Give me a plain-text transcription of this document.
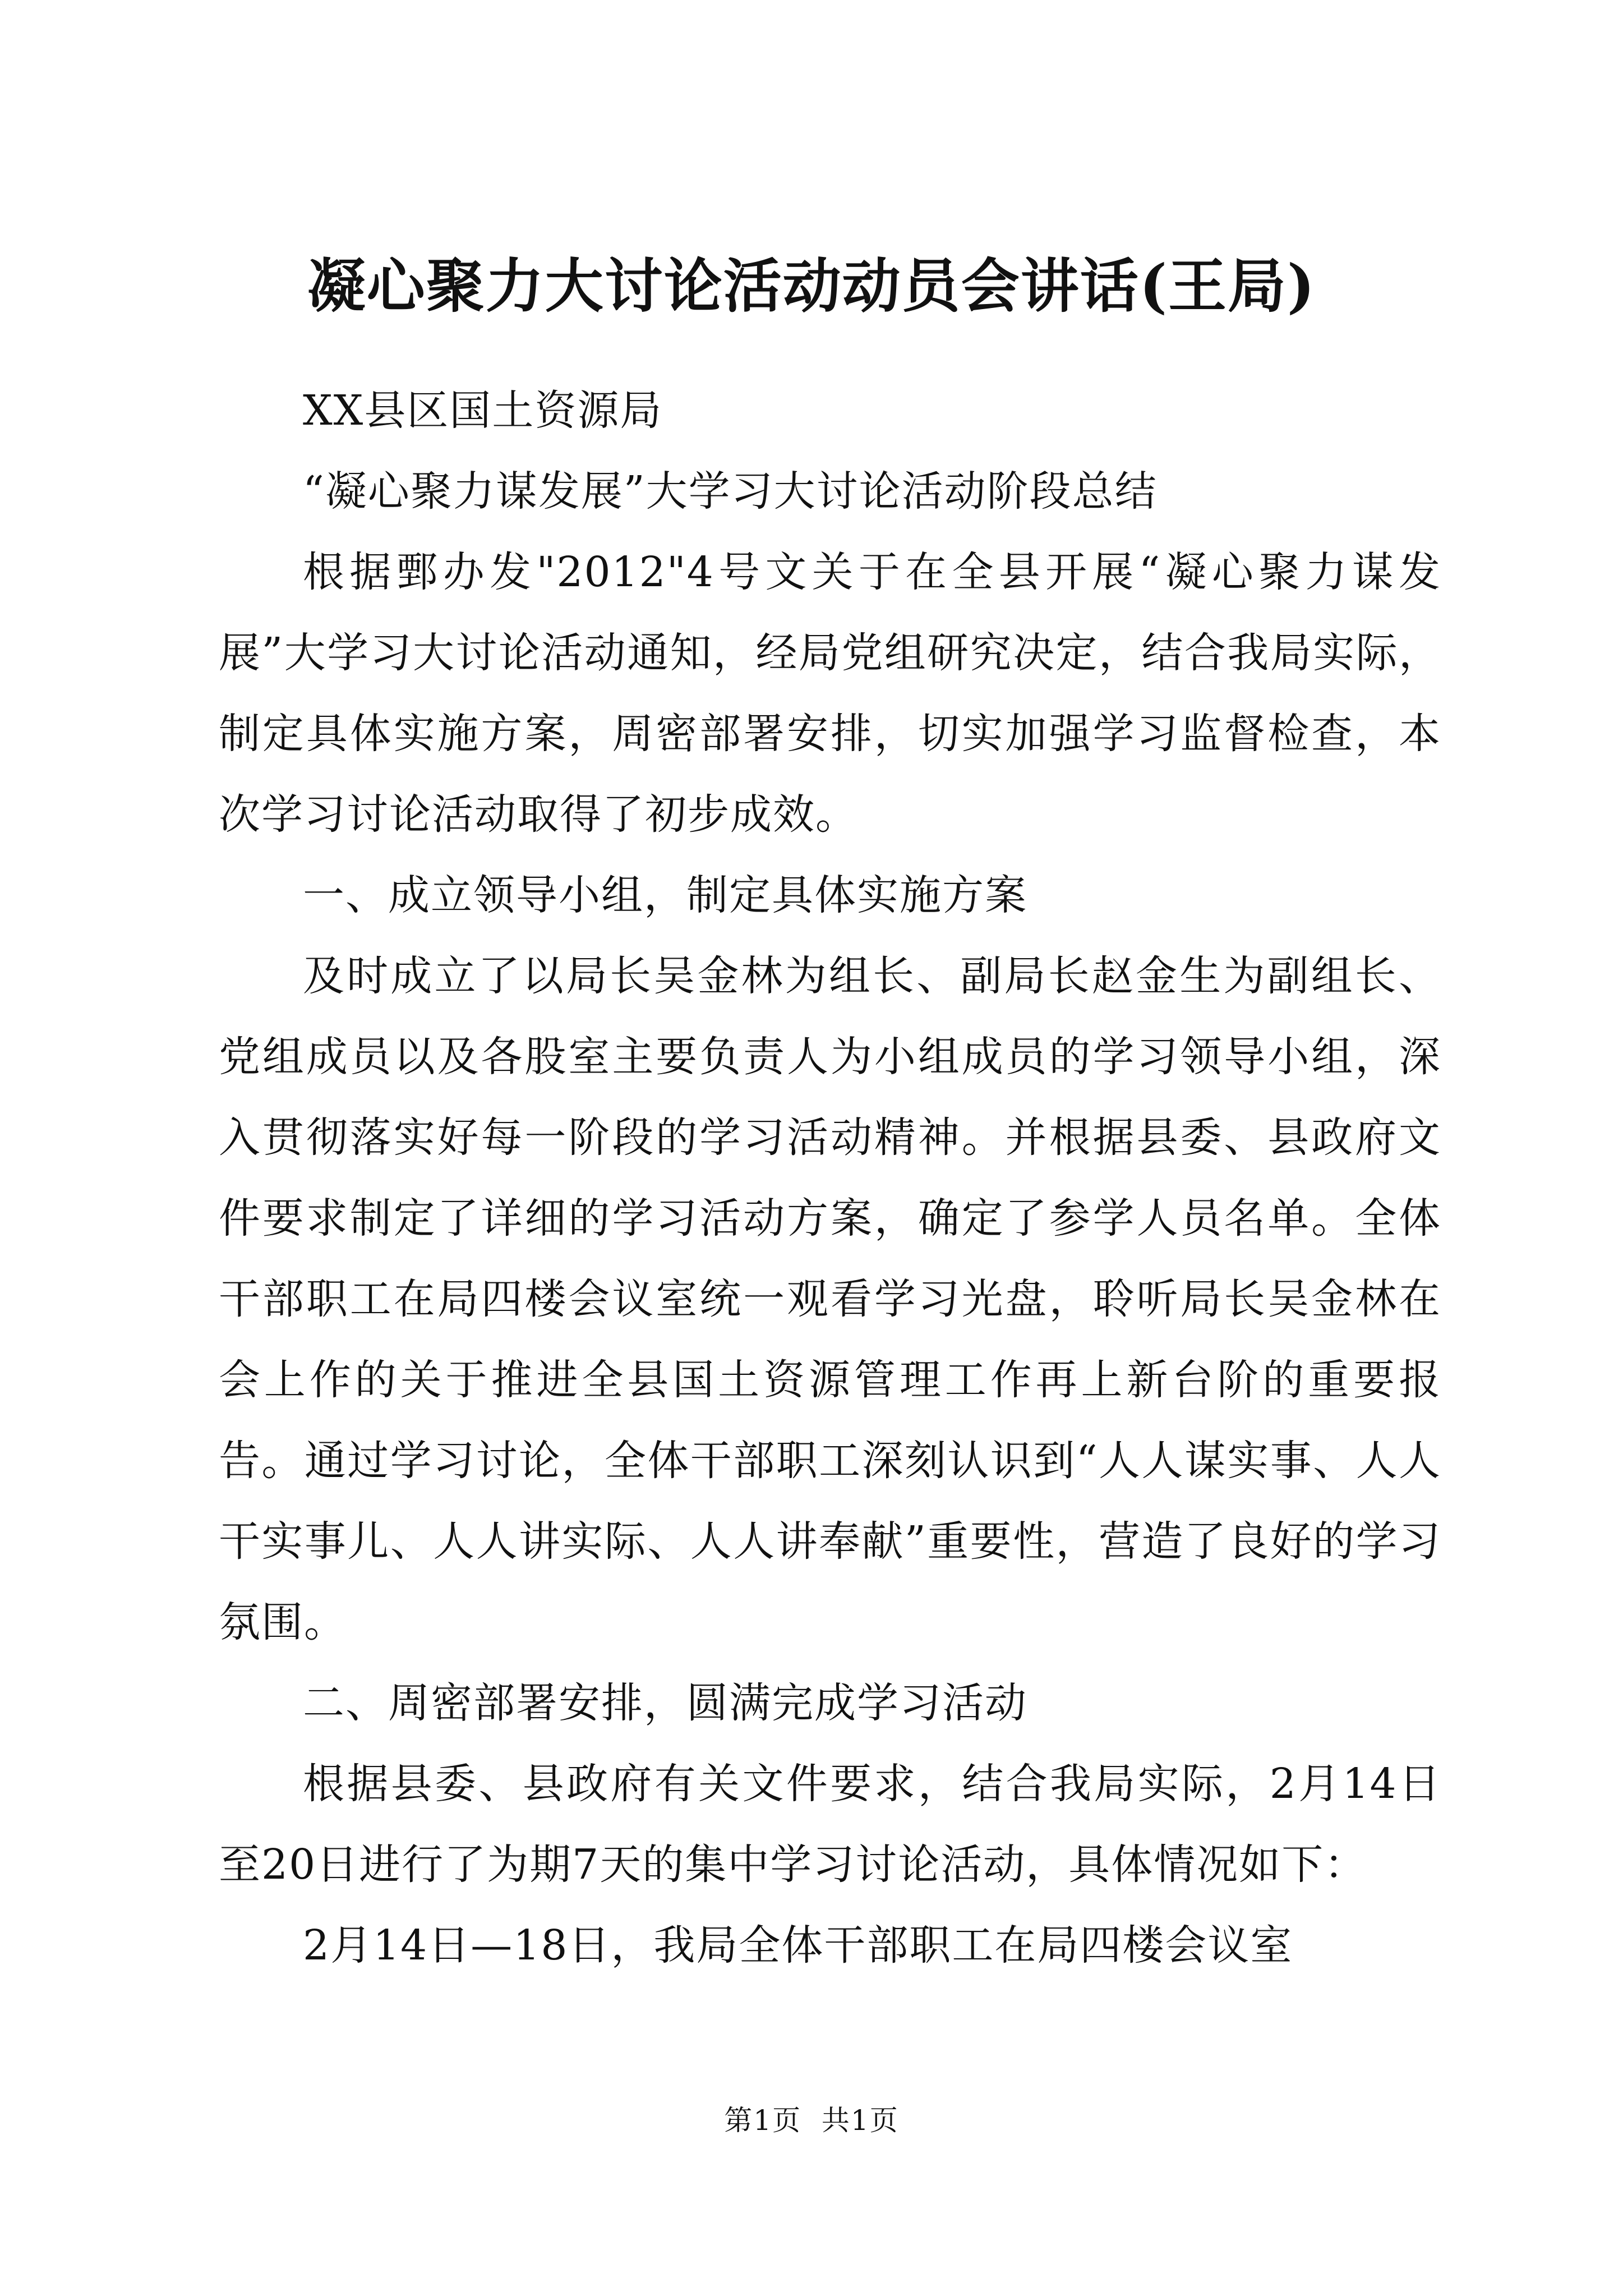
凝心聚力大讨论活动动员会讲话(王局)

XX县区国土资源局

“凝心聚力谋发展”大学习大讨论活动阶段总结

根据鄄办发"2012"4号文关于在全县开展“凝心聚力谋发展”大学习大讨论活动通知，经局党组研究决定，结合我局实际，制定具体实施方案，周密部署安排，切实加强学习监督检查，本次学习讨论活动取得了初步成效。

一、成立领导小组，制定具体实施方案

及时成立了以局长吴金林为组长、副局长赵金生为副组长、党组成员以及各股室主要负责人为小组成员的学习领导小组，深入贯彻落实好每一阶段的学习活动精神。并根据县委、县政府文件要求制定了详细的学习活动方案，确定了参学人员名单。全体干部职工在局四楼会议室统一观看学习光盘，聆听局长吴金林在会上作的关于推进全县国土资源管理工作再上新台阶的重要报告。通过学习讨论，全体干部职工深刻认识到“人人谋实事、人人干实事儿、人人讲实际、人人讲奉献”重要性，营造了良好的学习氛围。

二、周密部署安排，圆满完成学习活动

根据县委、县政府有关文件要求，结合我局实际，2月14日至20日进行了为期7天的集中学习讨论活动，具体情况如下：

2月14日—18日，我局全体干部职工在局四楼会议室

第1页  共1页
